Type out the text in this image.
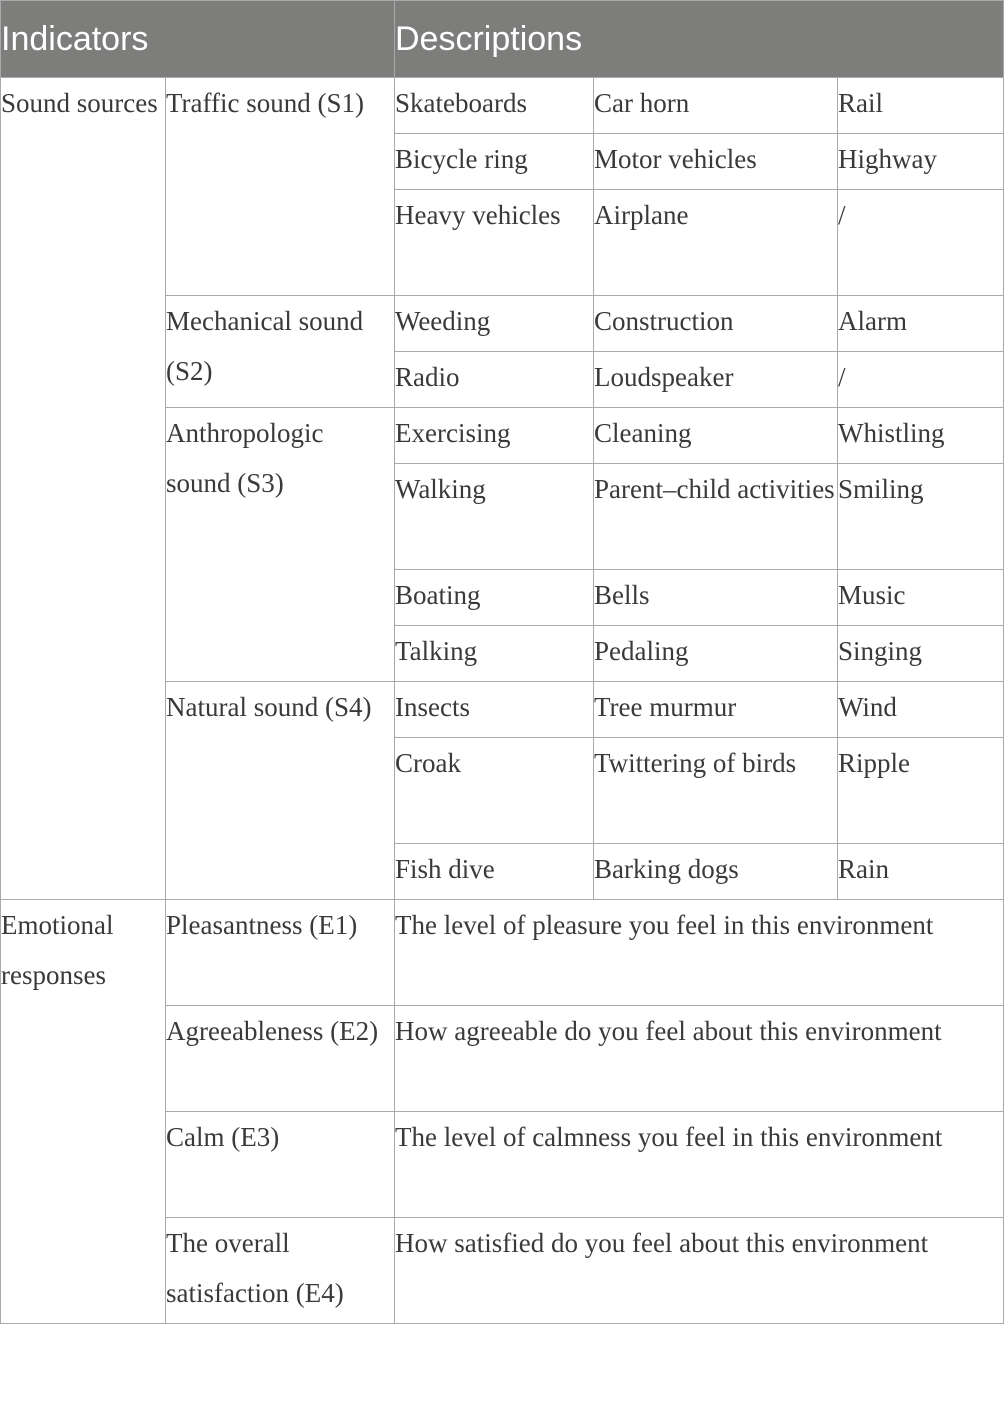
Indicators		Descriptions		
Sound sources	Traffic sound (S1)	Skateboards	Car horn	Rail
		Bicycle ring	Motor vehicles	Highway
		Heavy vehicles	Airplane	/
	Mechanical sound (S2)	Weeding	Construction	Alarm
		Radio	Loudspeaker	/
	Anthropologic sound (S3)	Exercising	Cleaning	Whistling
		Walking	Parent–child activities	Smiling
		Boating	Bells	Music
		Talking	Pedaling	Singing
	Natural sound (S4)	Insects	Tree murmur	Wind
		Croak	Twittering of birds	Ripple
		Fish dive	Barking dogs	Rain
Emotional responses	Pleasantness (E1)	The level of pleasure you feel in this environment		
	Agreeableness (E2)	How agreeable do you feel about this environment		
	Calm (E3)	The level of calmness you feel in this environment		
	The overall satisfaction (E4)	How satisfied do you feel about this environment		
